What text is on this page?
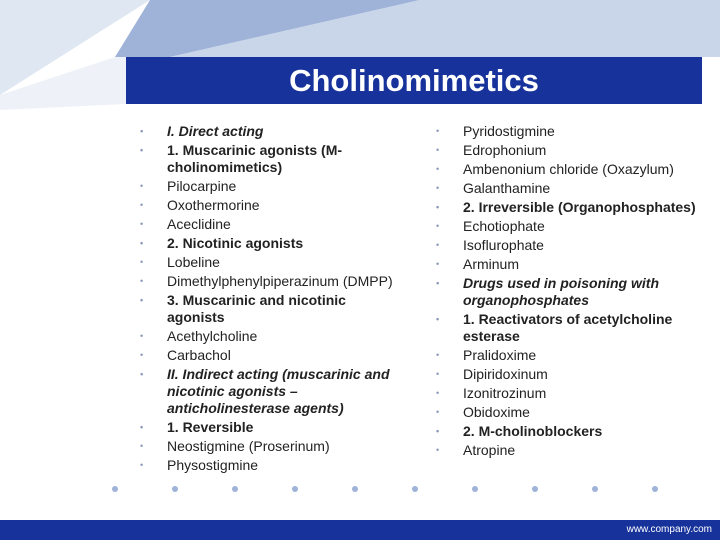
Cholinomimetics
• I. Direct acting
• 1. Muscarinic agonists (M-cholinomimetics)
• Pilocarpine
• Oxothermorine
• Aceclidine
• 2. Nicotinic agonists
• Lobeline
• Dimethylphenylpiperazinum (DMPP)
• 3. Muscarinic and nicotinic agonists
• Acethylcholine
• Carbachol
• II. Indirect acting (muscarinic and nicotinic agonists – anticholinesterase agents)
• 1. Reversible
• Neostigmine (Proserinum)
• Physostigmine
• Pyridostigmine
• Edrophonium
• Ambenonium chloride (Oxazylum)
• Galanthamine
• 2. Irreversible (Organophosphates)
• Echotiophate
• Isoflurophate
• Arminum
• Drugs used in poisoning with organophosphates
• 1. Reactivators of acetylcholine esterase
• Pralidoxime
• Dipiridoxinum
• Izonitrozinum
• Obidoxime
• 2. M-cholinoblockers
• Atropine
www.company.com
